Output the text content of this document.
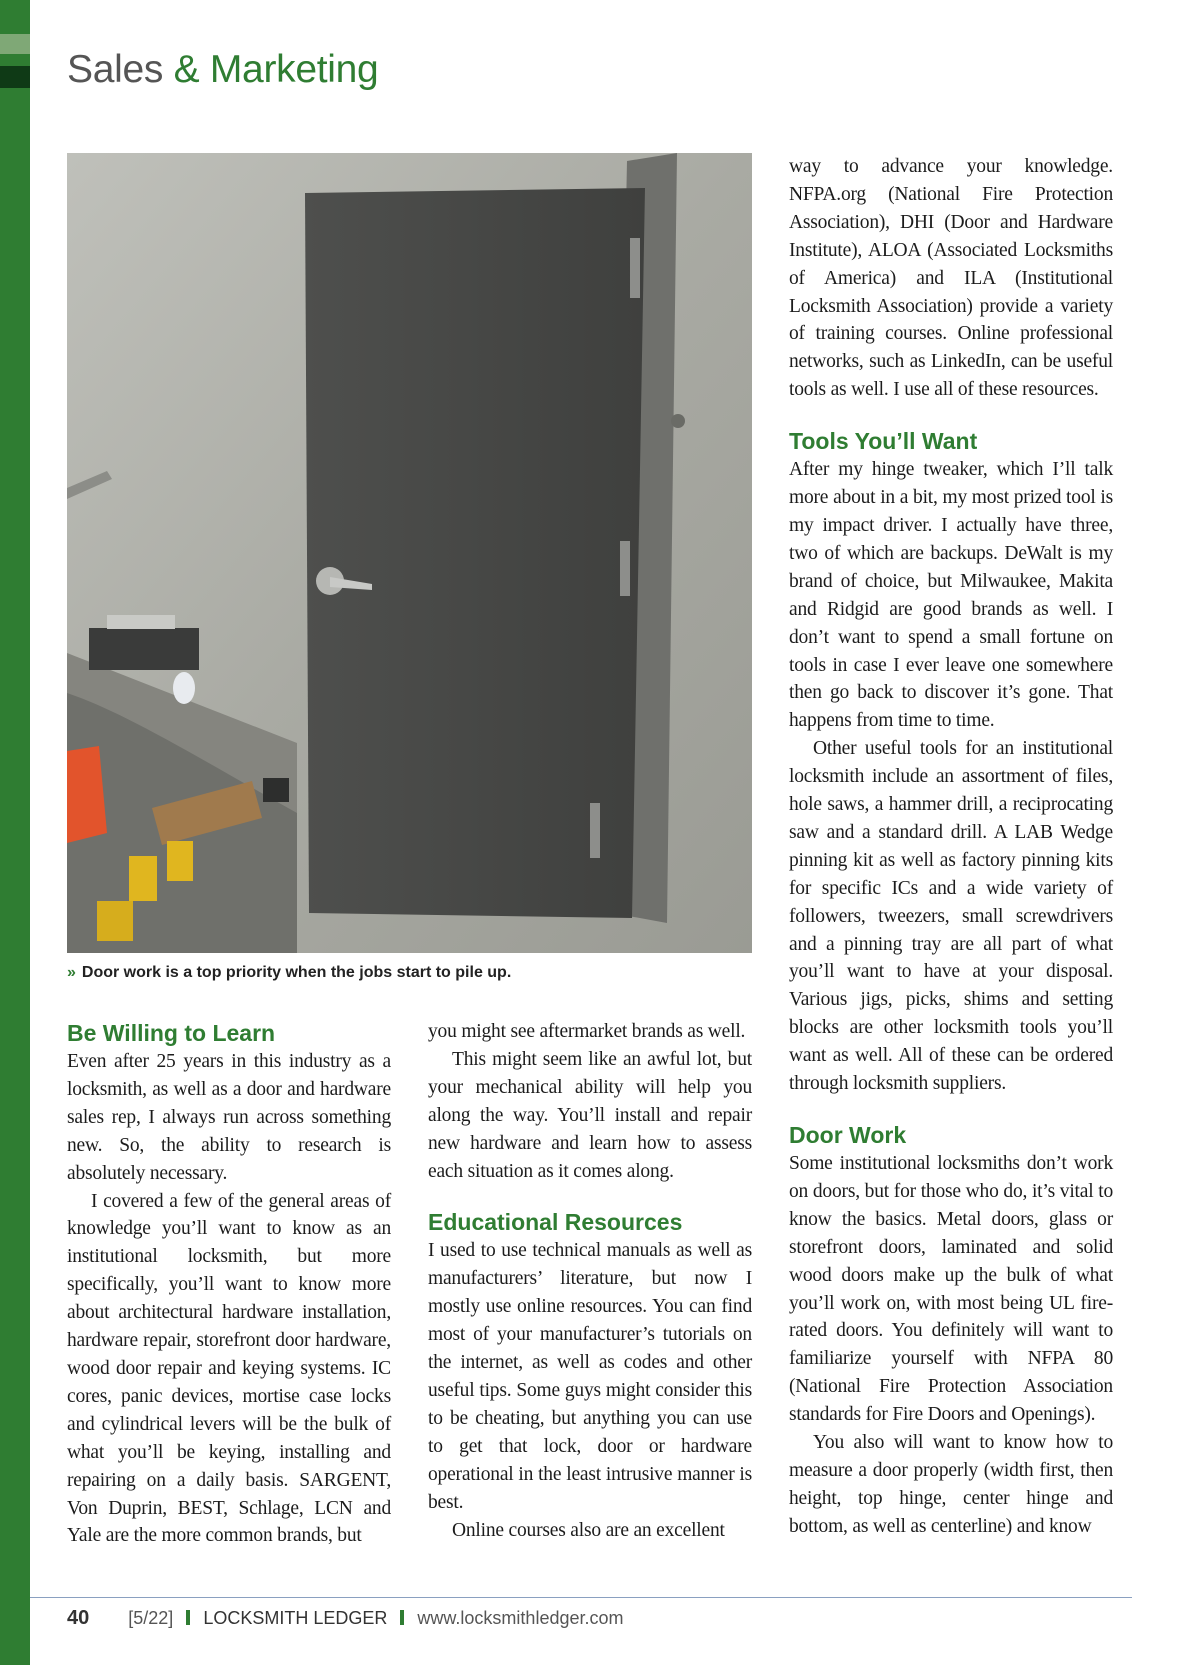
Sales & Marketing

» Door work is a top priority when the jobs start to pile up.

Be Willing to Learn

Even after 25 years in this industry as a locksmith, as well as a door and hardware sales rep, I always run across something new. So, the ability to research is absolutely necessary.

I covered a few of the general areas of knowledge you’ll want to know as an institutional locksmith, but more specifically, you’ll want to know more about architectural hardware installation, hardware repair, storefront door hardware, wood door repair and keying systems. IC cores, panic devices, mortise case locks and cylindrical levers will be the bulk of what you’ll be keying, installing and repairing on a daily basis. SARGENT, Von Duprin, BEST, Schlage, LCN and Yale are the more common brands, but

you might see aftermarket brands as well.

This might seem like an awful lot, but your mechanical ability will help you along the way. You’ll install and repair new hardware and learn how to assess each situation as it comes along.

Educational Resources

I used to use technical manuals as well as manufacturers’ literature, but now I mostly use online resources. You can find most of your manufacturer’s tutorials on the internet, as well as codes and other useful tips. Some guys might consider this to be cheating, but anything you can use to get that lock, door or hardware operational in the least intrusive manner is best.

Online courses also are an excellent

way to advance your knowledge. NFPA.org (National Fire Protection Association), DHI (Door and Hardware Institute), ALOA (Associated Locksmiths of America) and ILA (Institutional Locksmith Association) provide a variety of training courses. Online professional networks, such as LinkedIn, can be useful tools as well. I use all of these resources.

Tools You’ll Want

After my hinge tweaker, which I’ll talk more about in a bit, my most prized tool is my impact driver. I actually have three, two of which are backups. DeWalt is my brand of choice, but Milwaukee, Makita and Ridgid are good brands as well. I don’t want to spend a small fortune on tools in case I ever leave one somewhere then go back to discover it’s gone. That happens from time to time.

Other useful tools for an institutional locksmith include an assortment of files, hole saws, a hammer drill, a reciprocating saw and a standard drill. A LAB Wedge pinning kit as well as factory pinning kits for specific ICs and a wide variety of followers, tweezers, small screwdrivers and a pinning tray are all part of what you’ll want to have at your disposal. Various jigs, picks, shims and setting blocks are other locksmith tools you’ll want as well. All of these can be ordered through locksmith suppliers.

Door Work

Some institutional locksmiths don’t work on doors, but for those who do, it’s vital to know the basics. Metal doors, glass or storefront doors, laminated and solid wood doors make up the bulk of what you’ll work on, with most being UL fire-rated doors. You definitely will want to familiarize yourself with NFPA 80 (National Fire Protection Association standards for Fire Doors and Openings).

You also will want to know how to measure a door properly (width first, then height, top hinge, center hinge and bottom, as well as centerline) and know

40 [5/22] LOCKSMITH LEDGER www.locksmithledger.com
